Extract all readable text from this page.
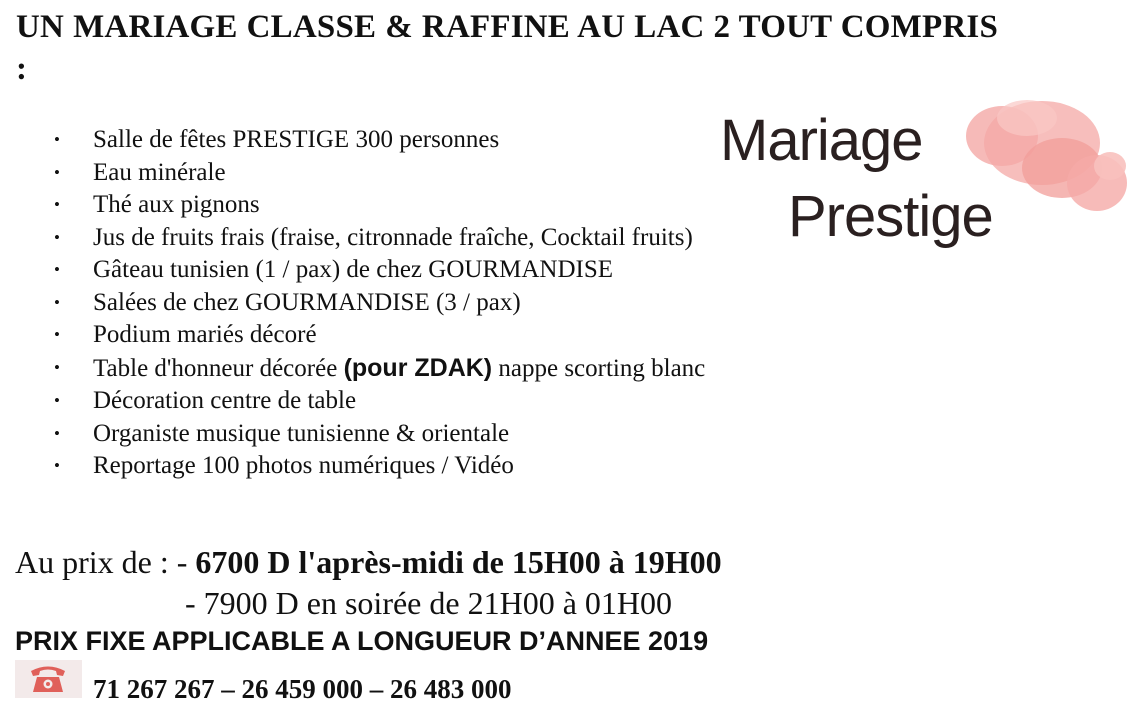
UN MARIAGE CLASSE & RAFFINE AU LAC 2 TOUT COMPRIS :
Mariage
Prestige
• Salle de fêtes PRESTIGE 300 personnes
• Eau minérale
• Thé aux pignons
• Jus de fruits frais (fraise, citronnade fraîche, Cocktail fruits)
• Gâteau tunisien (1 / pax) de chez GOURMANDISE
• Salées de chez GOURMANDISE (3 / pax)
• Podium mariés décoré
• Table d'honneur décorée (pour ZDAK) nappe scorting blanc
• Décoration centre de table
• Organiste musique tunisienne & orientale
• Reportage 100 photos numériques / Vidéo
Au prix de : - 6700 D l'après-midi de 15H00 à 19H00
- 7900 D en soirée de 21H00 à 01H00
PRIX FIXE APPLICABLE A LONGUEUR D’ANNEE 2019
71 267 267 – 26 459 000 – 26 483 000
